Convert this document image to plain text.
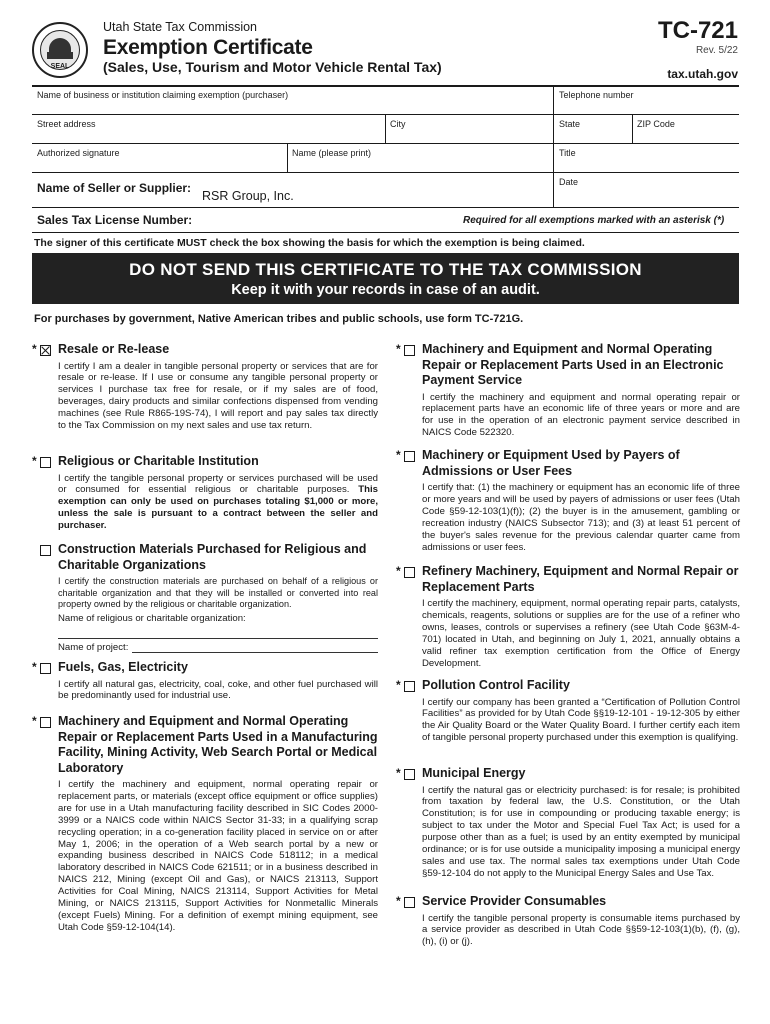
SEAL
Utah State Tax Commission
Exemption Certificate
(Sales, Use, Tourism and Motor Vehicle Rental Tax)
TC-721
Rev. 5/22
tax.utah.gov
Name of business or institution claiming exemption (purchaser)	Telephone number
Street address	City	State	ZIP Code
Authorized signature	Name (please print)	Title
Name of Seller or Supplier:
RSR Group, Inc.
Date
Sales Tax License Number:	Required for all exemptions marked with an asterisk (*)
The signer of this certificate MUST check the box showing the basis for which the exemption is being claimed.
DO NOT SEND THIS CERTIFICATE TO THE TAX COMMISSION
Keep it with your records in case of an audit.
For purchases by government, Native American tribes and public schools, use form TC-721G.
* Resale or Re-lease
I certify I am a dealer in tangible personal property or services that are for resale or re-lease. If I use or consume any tangible personal property or services I purchase tax free for resale, or if my sales are of food, beverages, dairy products and similar confections dispensed from vending machines (see Rule R865-19S-74), I will report and pay sales tax directly to the Tax Commission on my next sales and use tax return.
* Religious or Charitable Institution
I certify the tangible personal property or services purchased will be used or consumed for essential religious or charitable purposes. This exemption can only be used on purchases totaling $1,000 or more, unless the sale is pursuant to a contract between the seller and purchaser.
Construction Materials Purchased for Religious and Charitable Organizations
I certify the construction materials are purchased on behalf of a religious or charitable organization and that they will be installed or converted into real property owned by the religious or charitable organization.
Name of religious or charitable organization:
Name of project:
* Fuels, Gas, Electricity
I certify all natural gas, electricity, coal, coke, and other fuel purchased will be predominantly used for industrial use.
* Machinery and Equipment and Normal Operating Repair or Replacement Parts Used in a Manufacturing Facility, Mining Activity, Web Search Portal or Medical Laboratory
I certify the machinery and equipment, normal operating repair or replacement parts, or materials (except office equipment or office supplies) are for use in a Utah manufacturing facility described in SIC Codes 2000-3999 or a NAICS code within NAICS Sector 31-33; in a qualifying scrap recycling operation; in a co-generation facility placed in service on or after May 1, 2006; in the operation of a Web search portal by a new or expanding business described in NAICS Code 518112; in a medical laboratory described in NAICS Code 621511; or in a business described in NAICS 212, Mining (except Oil and Gas), or NAICS 213113, Support Activities for Coal Mining, NAICS 213114, Support Activities for Metal Mining, or NAICS 213115, Support Activities for Nonmetallic Minerals (except Fuels) Mining. For a definition of exempt mining equipment, see Utah Code §59-12-104(14).
* Machinery and Equipment and Normal Operating Repair or Replacement Parts Used in an Electronic Payment Service
I certify the machinery and equipment and normal operating repair or replacement parts have an economic life of three years or more and are for use in the operation of an electronic payment service described in NAICS Code 522320.
* Machinery or Equipment Used by Payers of Admissions or User Fees
I certify that: (1) the machinery or equipment has an economic life of three or more years and will be used by payers of admissions or user fees (Utah Code §59-12-103(1)(f)); (2) the buyer is in the amusement, gambling or recreation industry (NAICS Subsector 713); and (3) at least 51 percent of the buyer's sales revenue for the previous calendar quarter came from admissions or user fees.
* Refinery Machinery, Equipment and Normal Repair or Replacement Parts
I certify the machinery, equipment, normal operating repair parts, catalysts, chemicals, reagents, solutions or supplies are for the use of a refiner who owns, leases, controls or supervises a refinery (see Utah Code §63M-4-701) located in Utah, and beginning on July 1, 2021, annually obtains a valid refiner tax exemption certification from the Office of Energy Development.
* Pollution Control Facility
I certify our company has been granted a “Certification of Pollution Control Facilities” as provided for by Utah Code §§19-12-101 - 19-12-305 by either the Air Quality Board or the Water Quality Board. I further certify each item of tangible personal property purchased under this exemption is qualifying.
* Municipal Energy
I certify the natural gas or electricity purchased: is for resale; is prohibited from taxation by federal law, the U.S. Constitution, or the Utah Constitution; is for use in compounding or producing taxable energy; is subject to tax under the Motor and Special Fuel Tax Act; is used for a purpose other than as a fuel; is used by an entity exempted by municipal ordinance; or is for use outside a municipality imposing a municipal energy sales and use tax. The normal sales tax exemptions under Utah Code §59-12-104 do not apply to the Municipal Energy Sales and Use Tax.
* Service Provider Consumables
I certify the tangible personal property is consumable items purchased by a service provider as described in Utah Code §§59-12-103(1)(b), (f), (g), (h), (i) or (j).
